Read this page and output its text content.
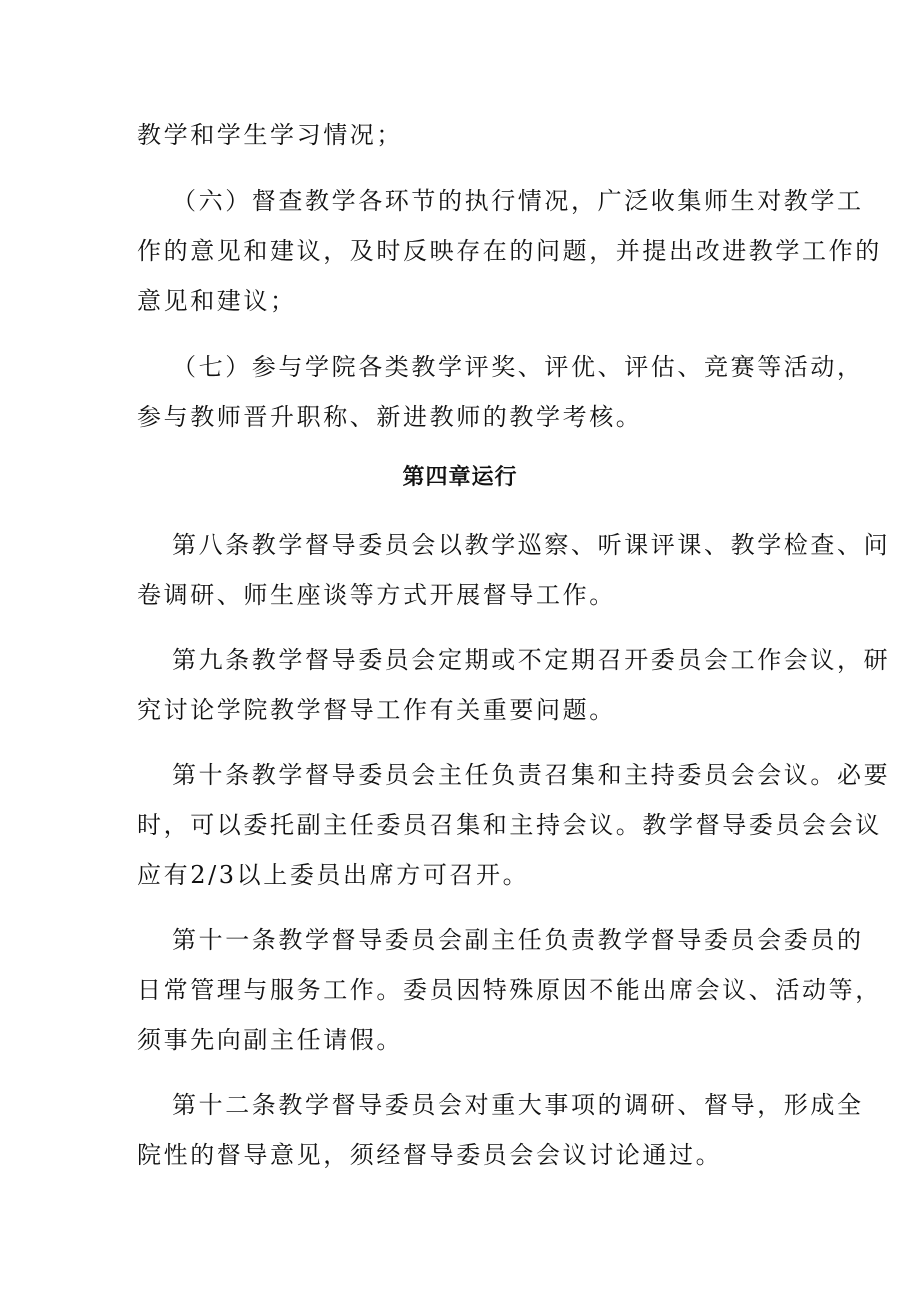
教学和学生学习情况；

（六）督查教学各环节的执行情况，广泛收集师生对教学工

作的意见和建议，及时反映存在的问题，并提出改进教学工作的

意见和建议；

（七）参与学院各类教学评奖、评优、评估、竞赛等活动，

参与教师晋升职称、新进教师的教学考核。

第四章运行

第八条教学督导委员会以教学巡察、听课评课、教学检查、问

卷调研、师生座谈等方式开展督导工作。

第九条教学督导委员会定期或不定期召开委员会工作会议，研

究讨论学院教学督导工作有关重要问题。

第十条教学督导委员会主任负责召集和主持委员会会议。必要

时，可以委托副主任委员召集和主持会议。教学督导委员会会议

应有2/3以上委员出席方可召开。

第十一条教学督导委员会副主任负责教学督导委员会委员的

日常管理与服务工作。委员因特殊原因不能出席会议、活动等，

须事先向副主任请假。

第十二条教学督导委员会对重大事项的调研、督导，形成全

院性的督导意见，须经督导委员会会议讨论通过。
